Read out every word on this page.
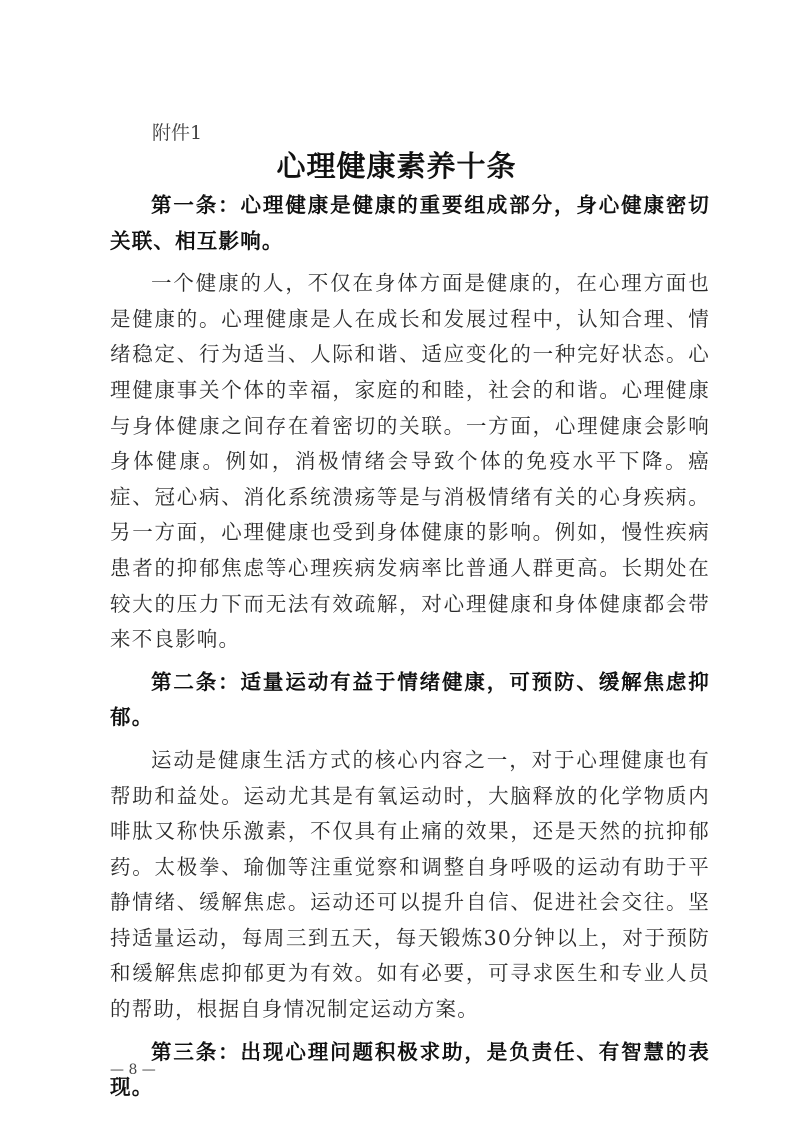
附件1
心理健康素养十条

第一条：心理健康是健康的重要组成部分，身心健康密切关联、相互影响。

一个健康的人，不仅在身体方面是健康的，在心理方面也是健康的。心理健康是人在成长和发展过程中，认知合理、情绪稳定、行为适当、人际和谐、适应变化的一种完好状态。心理健康事关个体的幸福，家庭的和睦，社会的和谐。心理健康与身体健康之间存在着密切的关联。一方面，心理健康会影响身体健康。例如，消极情绪会导致个体的免疫水平下降。癌症、冠心病、消化系统溃疡等是与消极情绪有关的心身疾病。另一方面，心理健康也受到身体健康的影响。例如，慢性疾病患者的抑郁焦虑等心理疾病发病率比普通人群更高。长期处在较大的压力下而无法有效疏解，对心理健康和身体健康都会带来不良影响。

第二条：适量运动有益于情绪健康，可预防、缓解焦虑抑郁。

运动是健康生活方式的核心内容之一，对于心理健康也有帮助和益处。运动尤其是有氧运动时，大脑释放的化学物质内啡肽又称快乐激素，不仅具有止痛的效果，还是天然的抗抑郁药。太极拳、瑜伽等注重觉察和调整自身呼吸的运动有助于平静情绪、缓解焦虑。运动还可以提升自信、促进社会交往。坚持适量运动，每周三到五天，每天锻炼30分钟以上，对于预防和缓解焦虑抑郁更为有效。如有必要，可寻求医生和专业人员的帮助，根据自身情况制定运动方案。

第三条：出现心理问题积极求助，是负责任、有智慧的表现。

— 8 —
